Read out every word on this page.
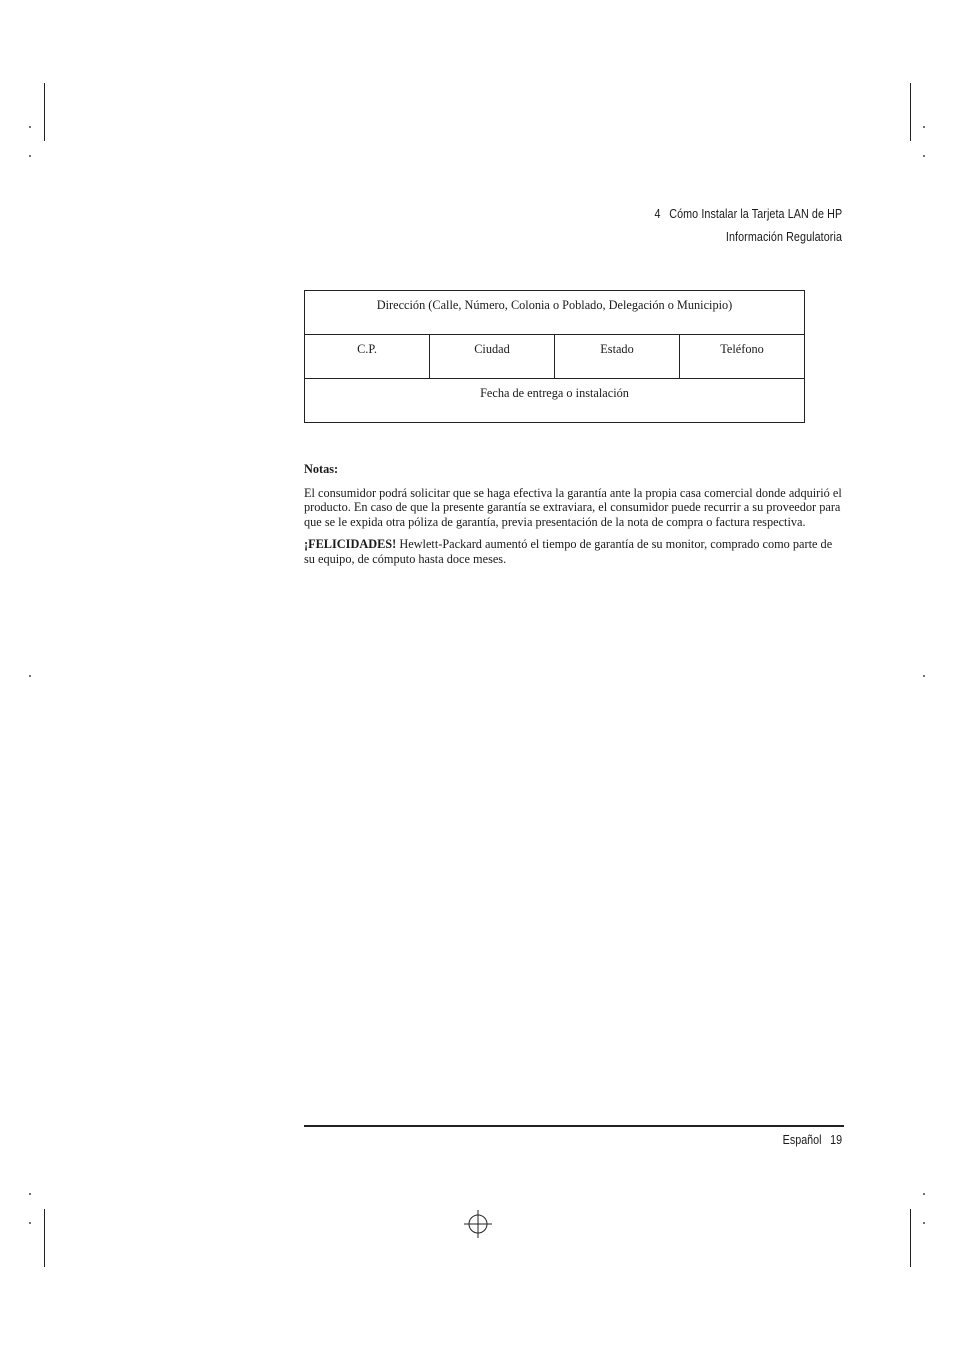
4 Cómo Instalar la Tarjeta LAN de HP
Información Regulatoria
Dirección (Calle, Número, Colonia o Poblado, Delegación o Municipio)
C.P.	Ciudad	Estado	Teléfono
Fecha de entrega o instalación

Notas:

El consumidor podrá solicitar que se haga efectiva la garantía ante la propia casa comercial donde adquirió el producto. En caso de que la presente garantía se extraviara, el consumidor puede recurrir a su proveedor para que se le expida otra póliza de garantía, previa presentación de la nota de compra o factura respectiva.

¡FELICIDADES! Hewlett-Packard aumentó el tiempo de garantía de su monitor, comprado como parte de su equipo, de cómputo hasta doce meses.

Español 19
